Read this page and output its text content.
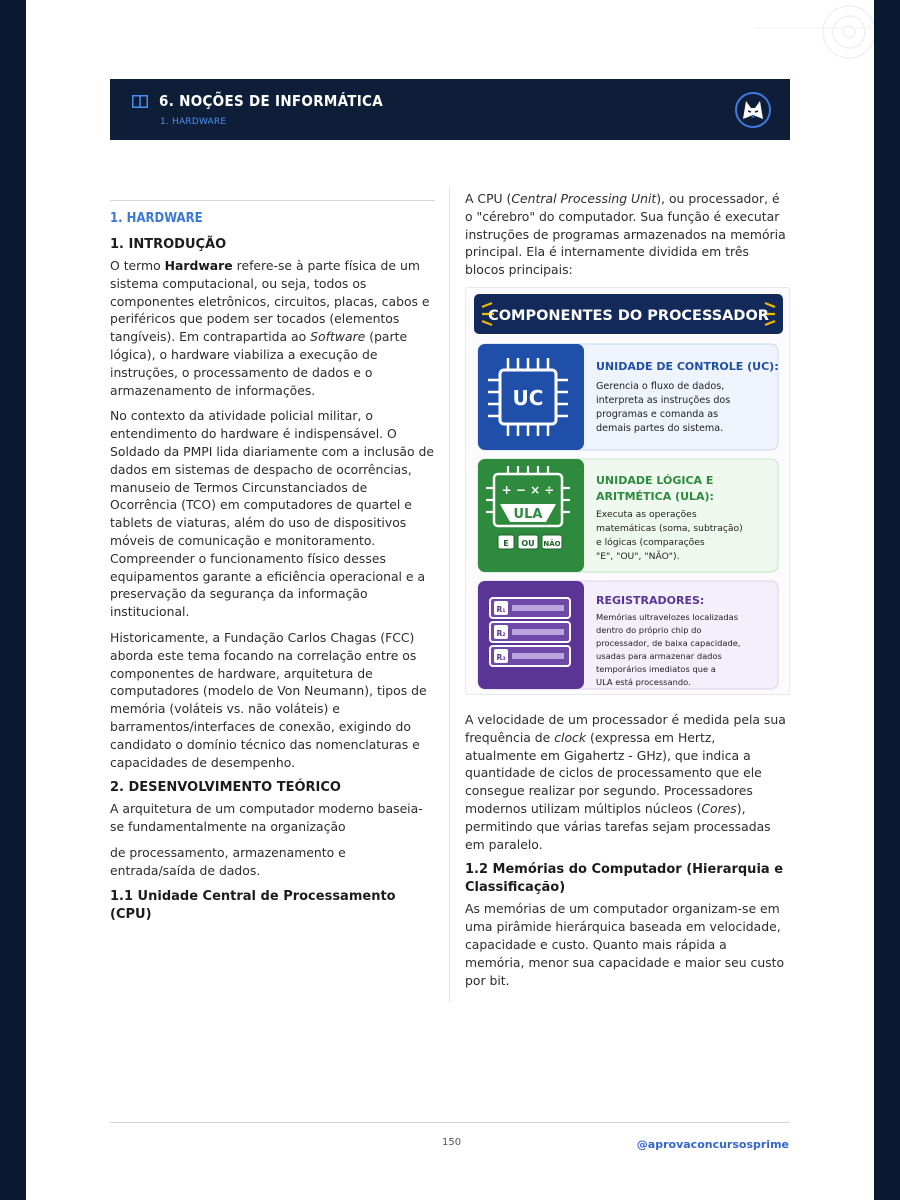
6. NOÇÕES DE INFORMÁTICA
1. HARDWARE
1. HARDWARE
1. INTRODUÇÃO

O termo Hardware refere-se à parte física de um sistema computacional, ou seja, todos os componentes eletrônicos, circuitos, placas, cabos e periféricos que podem ser tocados (elementos tangíveis). Em contrapartida ao Software (parte lógica), o hardware viabiliza a execução de instruções, o processamento de dados e o armazenamento de informações.

No contexto da atividade policial militar, o entendimento do hardware é indispensável. O Soldado da PMPI lida diariamente com a inclusão de dados em sistemas de despacho de ocorrências, manuseio de Termos Circunstanciados de Ocorrência (TCO) em computadores de quartel e tablets de viaturas, além do uso de dispositivos móveis de comunicação e monitoramento. Compreender o funcionamento físico desses equipamentos garante a eficiência operacional e a preservação da segurança da informação institucional.

Historicamente, a Fundação Carlos Chagas (FCC) aborda este tema focando na correlação entre os componentes de hardware, arquitetura de computadores (modelo de Von Neumann), tipos de memória (voláteis vs. não voláteis) e barramentos/interfaces de conexão, exigindo do candidato o domínio técnico das nomenclaturas e capacidades de desempenho.

2. DESENVOLVIMENTO TEÓRICO

A arquitetura de um computador moderno baseia-se fundamentalmente na organização

de processamento, armazenamento e entrada/saída de dados.

1.1 Unidade Central de Processamento (CPU)

A CPU (Central Processing Unit), ou processador, é o "cérebro" do computador. Sua função é executar instruções de programas armazenados na memória principal. Ela é internamente dividida em três blocos principais:

COMPONENTES DO PROCESSADOR
UC
UNIDADE DE CONTROLE (UC):
Gerencia o fluxo de dados,
interpreta as instruções dos
programas e comanda as
demais partes do sistema.
+ − × ÷
ULA
E OU NÃO
UNIDADE LÓGICA E
ARITMÉTICA (ULA):
Executa as operações
matemáticas (soma, subtração)
e lógicas (comparações
"E", "OU", "NÃO").
R₁
R₂
R₃
REGISTRADORES:
Memórias ultravelozes localizadas
dentro do próprio chip do
processador, de baixa capacidade,
usadas para armazenar dados
temporários imediatos que a
ULA está processando.

A velocidade de um processador é medida pela sua frequência de clock (expressa em Hertz, atualmente em Gigahertz - GHz), que indica a quantidade de ciclos de processamento que ele consegue realizar por segundo. Processadores modernos utilizam múltiplos núcleos (Cores), permitindo que várias tarefas sejam processadas em paralelo.

1.2 Memórias do Computador (Hierarquia e Classificação)

As memórias de um computador organizam-se em uma pirâmide hierárquica baseada em velocidade, capacidade e custo. Quanto mais rápida a memória, menor sua capacidade e maior seu custo por bit.

150	@aprovaconcursosprime
